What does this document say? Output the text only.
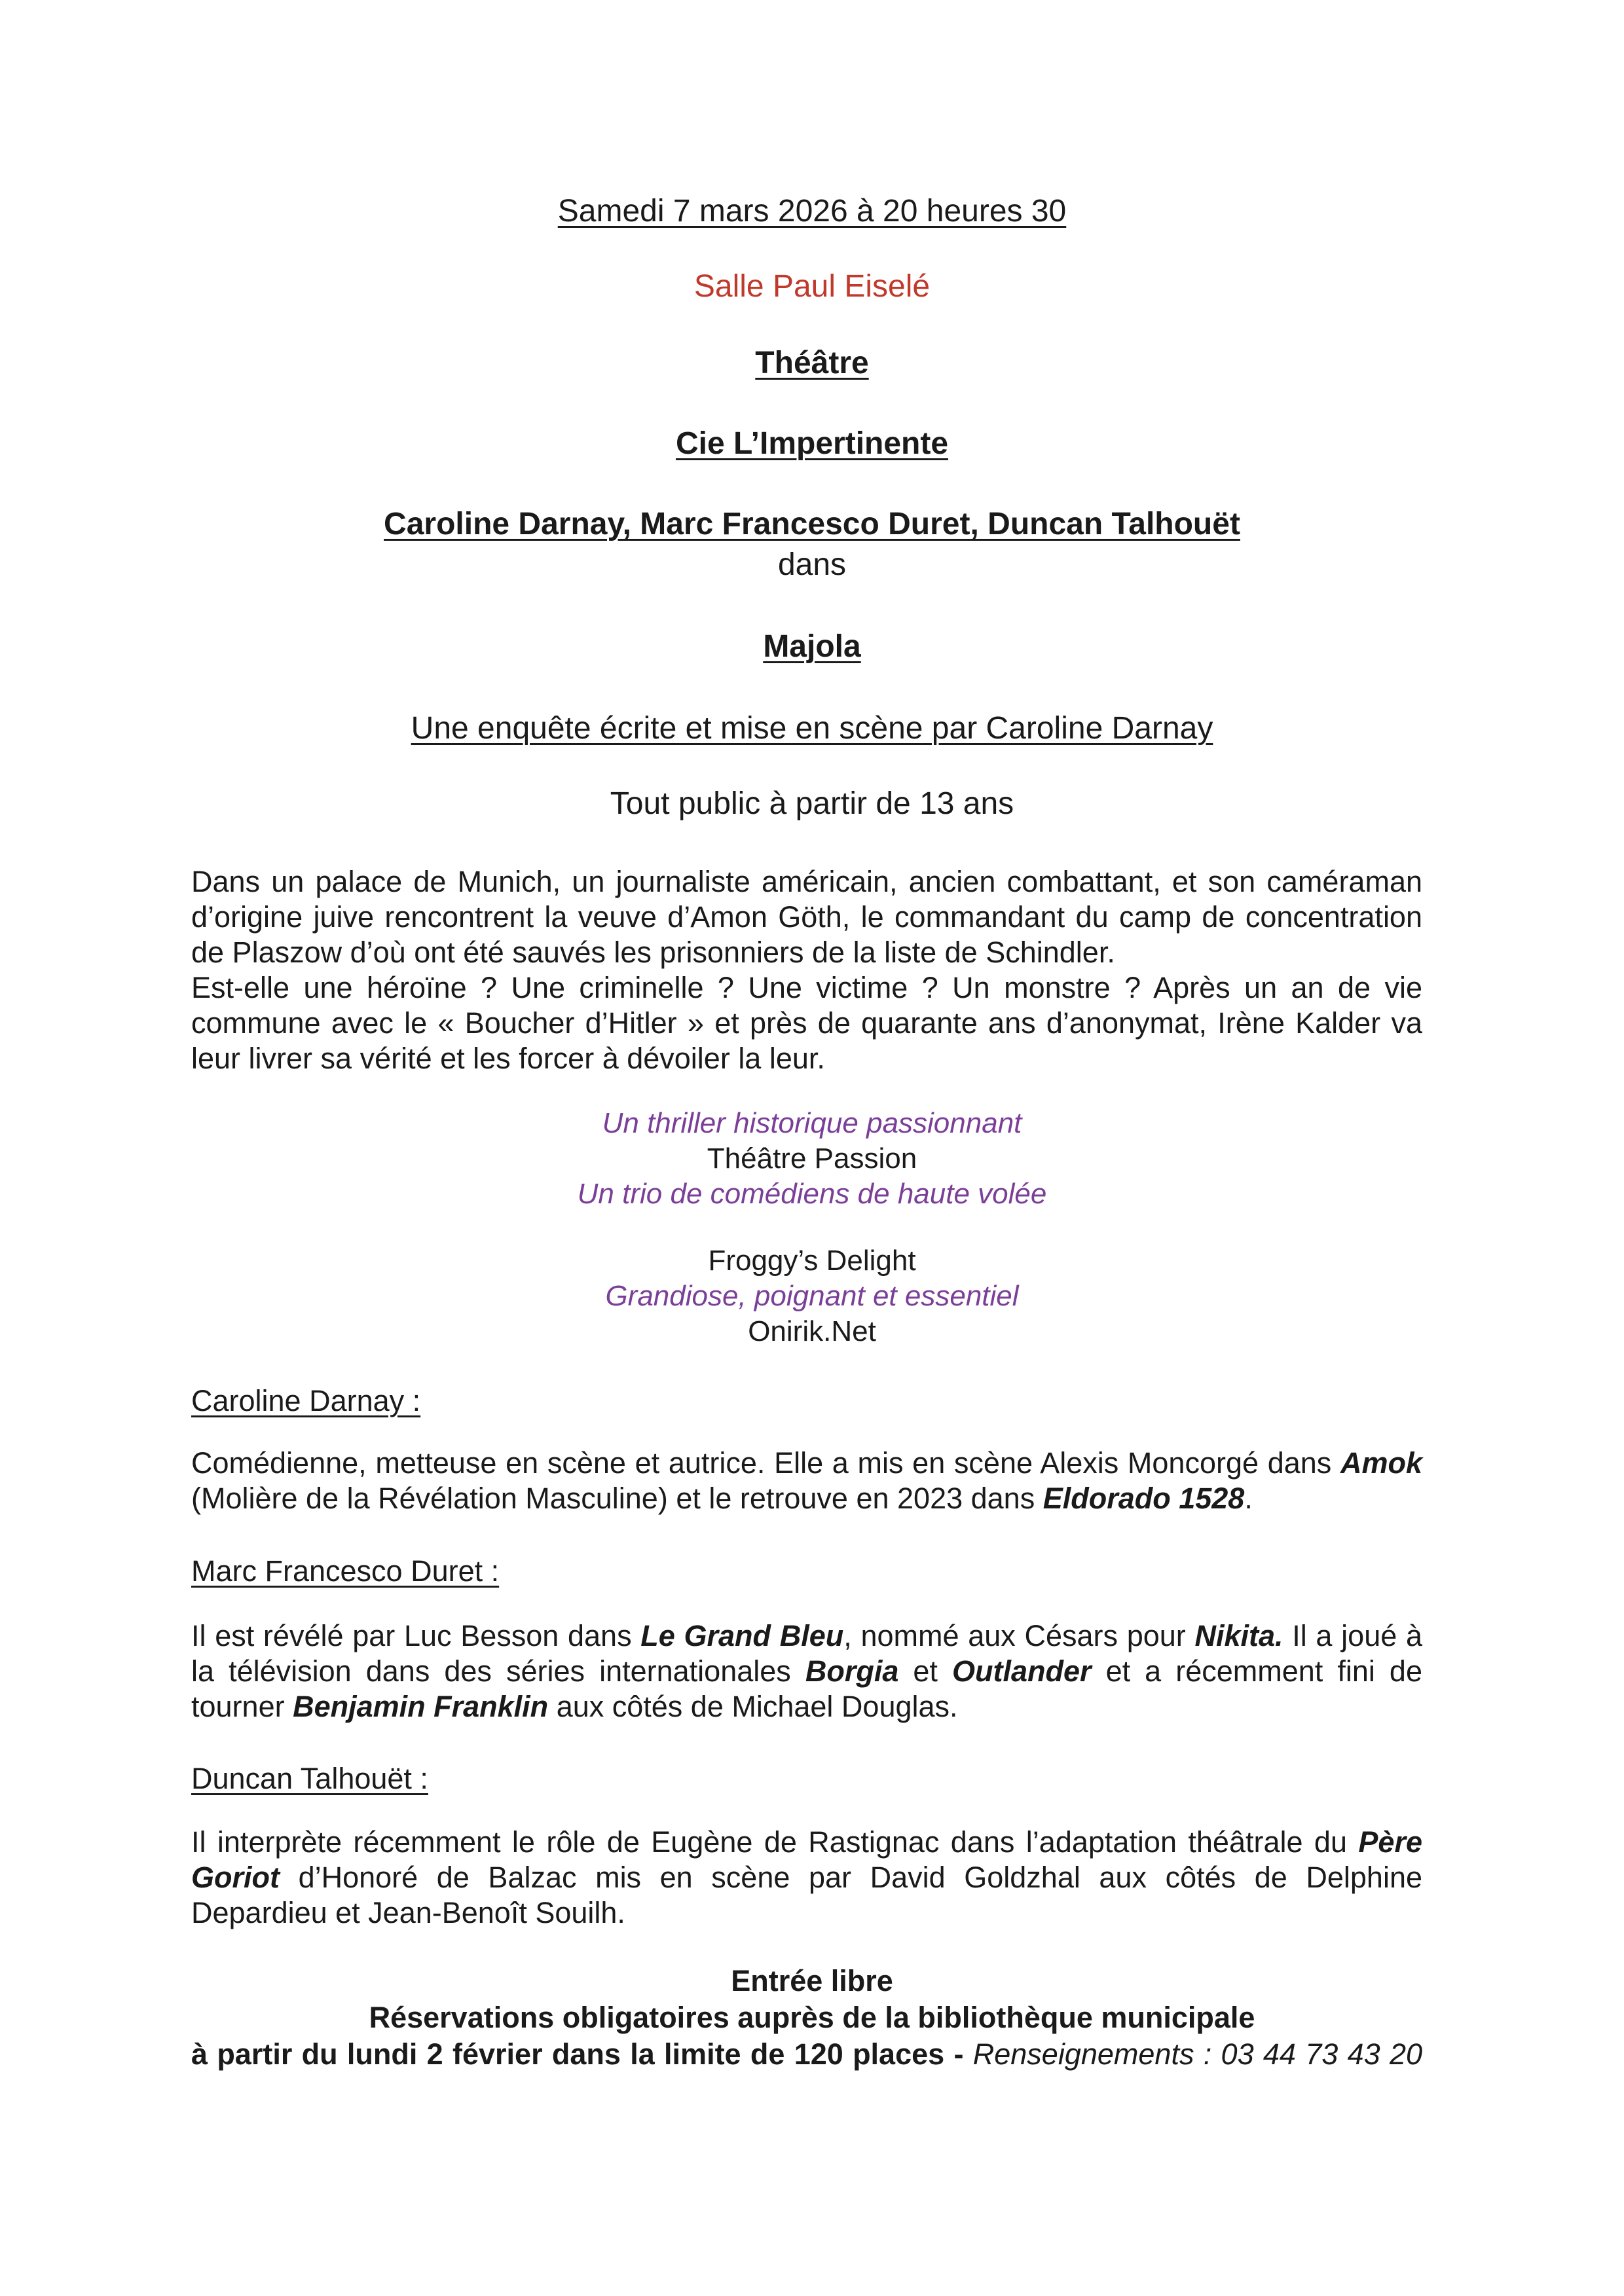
Samedi 7 mars 2026 à 20 heures 30
Salle Paul Eiselé
Théâtre
Cie L’Impertinente
Caroline Darnay, Marc Francesco Duret, Duncan Talhouët
dans
Majola
Une enquête écrite et mise en scène par Caroline Darnay
Tout public à partir de 13 ans

Dans un palace de Munich, un journaliste américain, ancien combattant, et son caméraman d’origine juive rencontrent la veuve d’Amon Göth, le commandant du camp de concentration de Plaszow d’où ont été sauvés les prisonniers de la liste de Schindler.

Est-elle une héroïne ? Une criminelle ? Une victime ? Un monstre ? Après un an de vie commune avec le « Boucher d’Hitler » et près de quarante ans d’anonymat, Irène Kalder va leur livrer sa vérité et les forcer à dévoiler la leur.

Un thriller historique passionnant
Théâtre Passion
Un trio de comédiens de haute volée
Froggy’s Delight
Grandiose, poignant et essentiel
Onirik.Net
Caroline Darnay :

Comédienne, metteuse en scène et autrice. Elle a mis en scène Alexis Moncorgé dans Amok (Molière de la Révélation Masculine) et le retrouve en 2023 dans Eldorado 1528.

Marc Francesco Duret :

Il est révélé par Luc Besson dans Le Grand Bleu, nommé aux Césars pour Nikita. Il a joué à la télévision dans des séries internationales Borgia et Outlander et a récemment fini de tourner Benjamin Franklin aux côtés de Michael Douglas.

Duncan Talhouët :

Il interprète récemment le rôle de Eugène de Rastignac dans l’adaptation théâtrale du Père Goriot d’Honoré de Balzac mis en scène par David Goldzhal aux côtés de Delphine Depardieu et Jean-Benoît Souilh.

Entrée libre
Réservations obligatoires auprès de la bibliothèque municipale
à partir du lundi 2 février dans la limite de 120 places - Renseignements : 03 44 73 43 20
